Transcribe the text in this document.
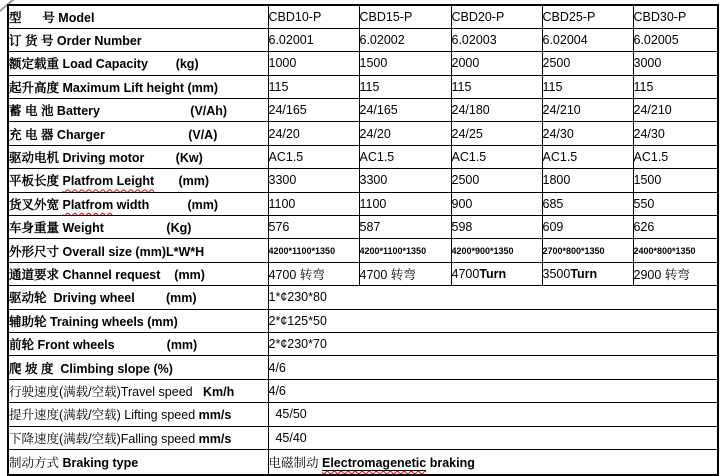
型      号 Model	CBD10-P	CBD15-P	CBD20-P	CBD25-P	CBD30-P
订 货 号 Order Number	6.02001	6.02002	6.02003	6.02004	6.02005
额定载重 Load Capacity        (kg)	1000	1500	2000	2500	3000
起升高度 Maximum Lift height (mm)	115	115	115	115	115
蓄 电 池 Battery                          (V/Ah)	24/165	24/165	24/180	24/210	24/210
充 电 器 Charger                        (V/A)	24/20	24/20	24/25	24/30	24/30
驱动电机 Driving motor         (Kw)	AC1.5	AC1.5	AC1.5	AC1.5	AC1.5
平板长度 Platfrom Leight       (mm)	3300	3300	2500	1800	1500
货叉外宽 Platfrom width           (mm)	1100	1100	900	685	550
车身重量 Weight                  (Kg)	576	587	598	609	626
外形尺寸 Overall size (mm)L*W*H	4200*1100*1350	4200*1100*1350	4200*900*1350	2700*800*1350	2400*800*1350
通道要求 Channel request    (mm)	4700 转弯	4700 转弯	4700Turn	3500Turn	2900 转弯
驱动轮  Driving wheel         (mm)	1*¢230*80				
辅助轮 Training wheels (mm)	2*¢125*50				
前轮 Front wheels               (mm)	2*¢230*70				
爬 坡 度  Climbing slope (%)	4/6				
行驶速度(满载/空载)Travel speed   Km/h	4/6				
提升速度(满载/空载) Lifting speed mm/s	45/50				
下降速度(满载/空载)Falling speed mm/s	45/40				
制动方式 Braking type	电磁制动 Electromagenetic braking				
